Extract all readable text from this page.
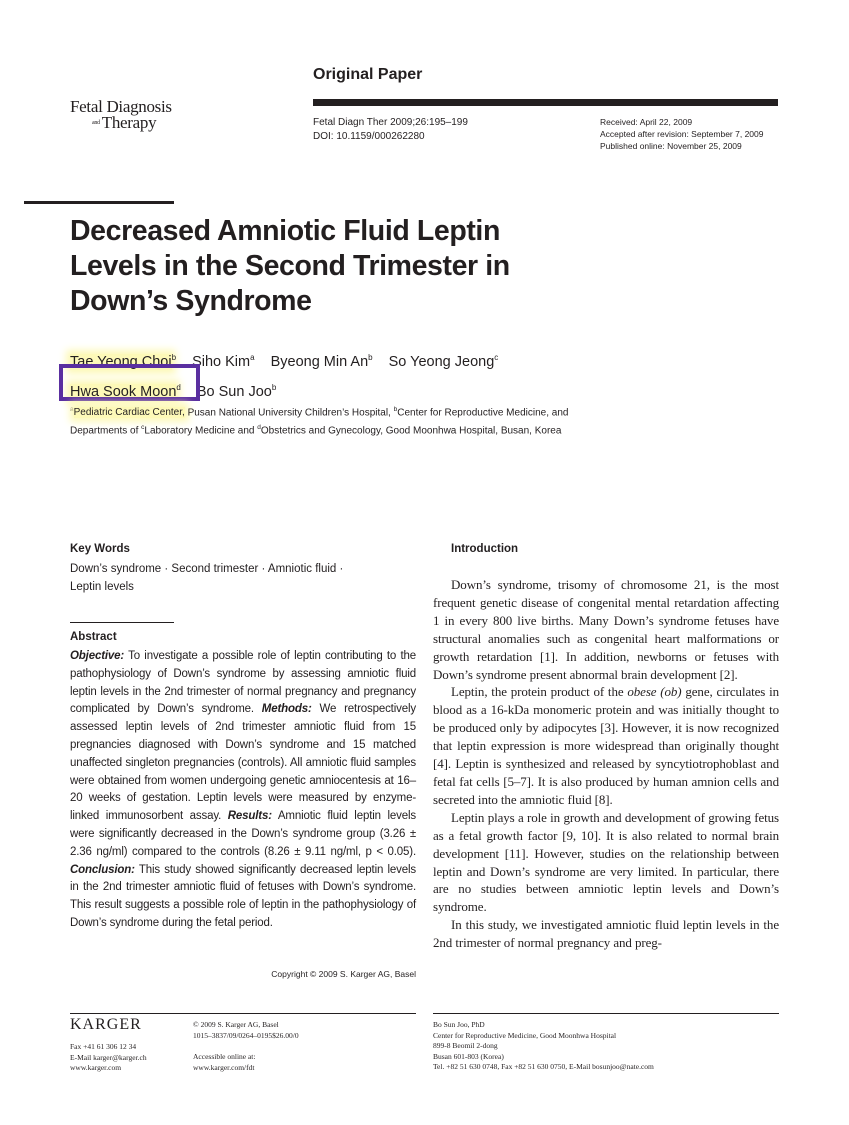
Fetal Diagnosis
$^{and}$ Therapy
Original Paper
Fetal Diagn Ther 2009;26:195–199
DOI: 10.1159/000262280
Received: April 22, 2009
Accepted after revision: September 7, 2009
Published online: November 25, 2009
Decreased Amniotic Fluid Leptin
Levels in the Second Trimester in
Down’s Syndrome
Tae Yeong Choi$^b$ Siho Kim$^a$ Byeong Min An$^b$ So Yeong Jeong$^c$
Hwa Sook Moon$^d$ Bo Sun Joo$^b$
$^a$Pediatric Cardiac Center, Pusan National University Children’s Hospital, $^b$Center for Reproductive Medicine, and
Departments of $^c$Laboratory Medicine and $^d$Obstetrics and Gynecology, Good Moonhwa Hospital, Busan, Korea
Key Words
Down’s syndrome · Second trimester · Amniotic fluid ·
Leptin levels
Abstract
Objective: To investigate a possible role of leptin contributing to the pathophysiology of Down’s syndrome by assessing amniotic fluid leptin levels in the 2nd trimester of normal pregnancy and pregnancy complicated by Down’s syndrome. Methods: We retrospectively assessed leptin levels of 2nd trimester amniotic fluid from 15 pregnancies diagnosed with Down’s syndrome and 15 matched unaffected singleton pregnancies (controls). All amniotic fluid samples were obtained from women undergoing genetic amniocentesis at 16–20 weeks of gestation. Leptin levels were measured by enzyme-linked immunosorbent assay. Results: Amniotic fluid leptin levels were significantly decreased in the Down’s syndrome group (3.26 ± 2.36 ng/ml) compared to the controls (8.26 ± 9.11 ng/ml, p < 0.05). Conclusion: This study showed significantly decreased leptin levels in the 2nd trimester amniotic fluid of fetuses with Down’s syndrome. This result suggests a possible role of leptin in the pathophysiology of Down’s syndrome during the fetal period.
Copyright © 2009 S. Karger AG, Basel
Introduction

Down’s syndrome, trisomy of chromosome 21, is the most frequent genetic disease of congenital mental retardation affecting 1 in every 800 live births. Many Down’s syndrome fetuses have structural anomalies such as congenital heart malformations or growth retardation [1]. In addition, newborns or fetuses with Down’s syndrome present abnormal brain development [2].

Leptin, the protein product of the obese (ob) gene, circulates in blood as a 16-kDa monomeric protein and was initially thought to be produced only by adipocytes [3]. However, it is now recognized that leptin expression is more widespread than originally thought [4]. Leptin is synthesized and released by syncytiotrophoblast and fetal fat cells [5–7]. It is also produced by human amnion cells and secreted into the amniotic fluid [8].

Leptin plays a role in growth and development of growing fetus as a fetal growth factor [9, 10]. It is also related to normal brain development [11]. However, studies on the relationship between leptin and Down’s syndrome are very limited. In particular, there are no studies between amniotic leptin levels and Down’s syndrome.

In this study, we investigated amniotic fluid leptin levels in the 2nd trimester of normal pregnancy and preg-

KARGER
Fax +41 61 306 12 34
E-Mail karger@karger.ch
www.karger.com
© 2009 S. Karger AG, Basel
1015–3837/09/0264–0195$26.00/0
Accessible online at:
www.karger.com/fdt
Bo Sun Joo, PhD
Center for Reproductive Medicine, Good Moonhwa Hospital
899-8 Beomil 2-dong
Busan 601-803 (Korea)
Tel. +82 51 630 0748, Fax +82 51 630 0750, E-Mail bosunjoo@nate.com
